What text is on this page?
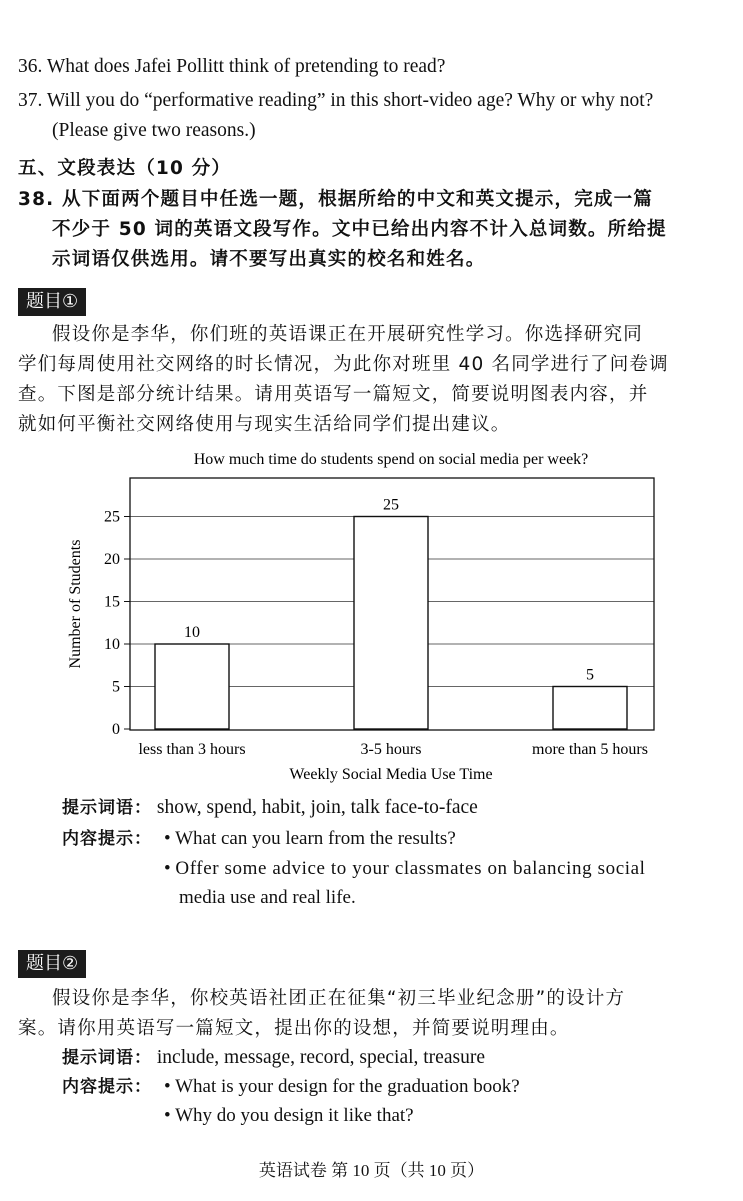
36. What does Jafei Pollitt think of pretending to read?
37. Will you do “performative reading” in this short-video age? Why or why not?
(Please give two reasons.)
五、文段表达（10 分）
38. 从下面两个题目中任选一题，根据所给的中文和英文提示，完成一篇
不少于 50 词的英语文段写作。文中已给出内容不计入总词数。所给提
示词语仅供选用。请不要写出真实的校名和姓名。
题目①
假设你是李华，你们班的英语课正在开展研究性学习。你选择研究同
学们每周使用社交网络的时长情况，为此你对班里 40 名同学进行了问卷调
查。下图是部分统计结果。请用英语写一篇短文，简要说明图表内容，并
就如何平衡社交网络使用与现实生活给同学们提出建议。
How much time do students spend on social media per week?
0
5
10
15
20
25
10
25
5
less than 3 hours	3-5 hours	more than 5 hours
Number of Students
Weekly Social Media Use Time
提示词语： show, spend, habit, join, talk face-to-face
内容提示： • What can you learn from the results?
• Offer some advice to your classmates on balancing social
media use and real life.
题目②
假设你是李华，你校英语社团正在征集“初三毕业纪念册”的设计方
案。请你用英语写一篇短文，提出你的设想，并简要说明理由。
提示词语： include, message, record, special, treasure
内容提示： • What is your design for the graduation book?
• Why do you design it like that?
英语试卷 第 10 页（共 10 页）
